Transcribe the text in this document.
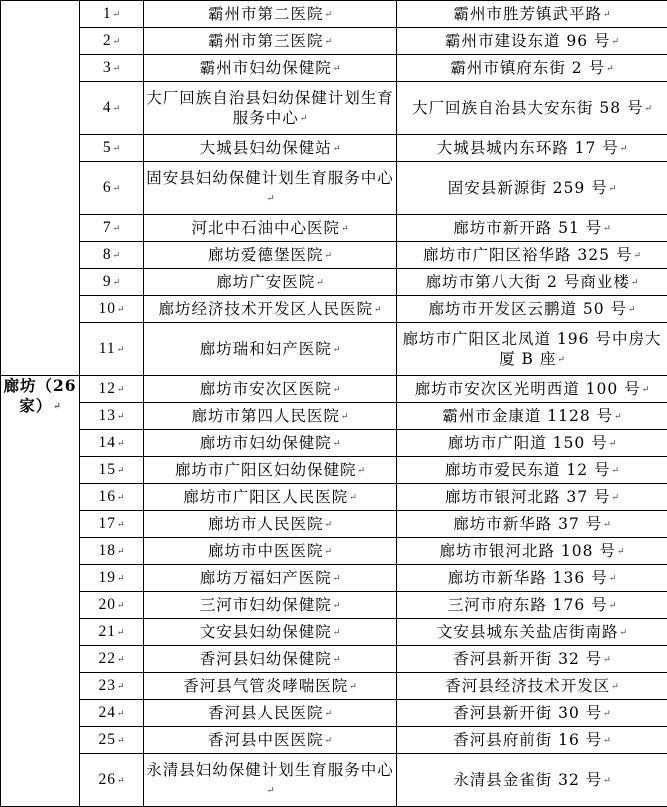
	1↵	霸州市第二医院↵	霸州市胜芳镇武平路↵
	2↵	霸州市第三医院↵	霸州市建设东道 96 号↵
	3↵	霸州市妇幼保健院↵	霸州市镇府东街 2 号↵
	4↵	大厂回族自治县妇幼保健计划生育服务中心↵	大厂回族自治县大安东街 58 号↵
	5↵	大城县妇幼保健站↵	大城县城内东环路 17 号↵
	6↵	固安县妇幼保健计划生育服务中心↵	固安县新源街 259 号↵
	7↵	河北中石油中心医院↵	廊坊市新开路 51 号↵
	8↵	廊坊爱德堡医院↵	廊坊市广阳区裕华路 325 号↵
	9↵	廊坊广安医院↵	廊坊市第八大街 2 号商业楼↵
	10↵	廊坊经济技术开发区人民医院↵	廊坊市开发区云鹏道 50 号↵
	11↵	廊坊瑞和妇产医院↵	廊坊市广阳区北凤道 196 号中房大厦 B 座↵
廊坊（26家）↵	12↵	廊坊市安次区医院↵	廊坊市安次区光明西道 100 号↵
	13↵	廊坊市第四人民医院↵	霸州市金康道 1128 号↵
	14↵	廊坊市妇幼保健院↵	廊坊市广阳道 150 号↵
	15↵	廊坊市广阳区妇幼保健院↵	廊坊市爱民东道 12 号↵
	16↵	廊坊市广阳区人民医院↵	廊坊市银河北路 37 号↵
	17↵	廊坊市人民医院↵	廊坊市新华路 37 号↵
	18↵	廊坊市中医医院↵	廊坊市银河北路 108 号↵
	19↵	廊坊万福妇产医院↵	廊坊市新华路 136 号↵
	20↵	三河市妇幼保健院↵	三河市府东路 176 号↵
	21↵	文安县妇幼保健院↵	文安县城东关盐店街南路↵
	22↵	香河县妇幼保健院↵	香河县新开街 32 号↵
	23↵	香河县气管炎哮喘医院↵	香河县经济技术开发区↵
	24↵	香河县人民医院↵	香河县新开街 30 号↵
	25↵	香河县中医医院↵	香河县府前街 16 号↵
	26↵	永清县妇幼保健计划生育服务中心↵	永清县金雀街 32 号↵
